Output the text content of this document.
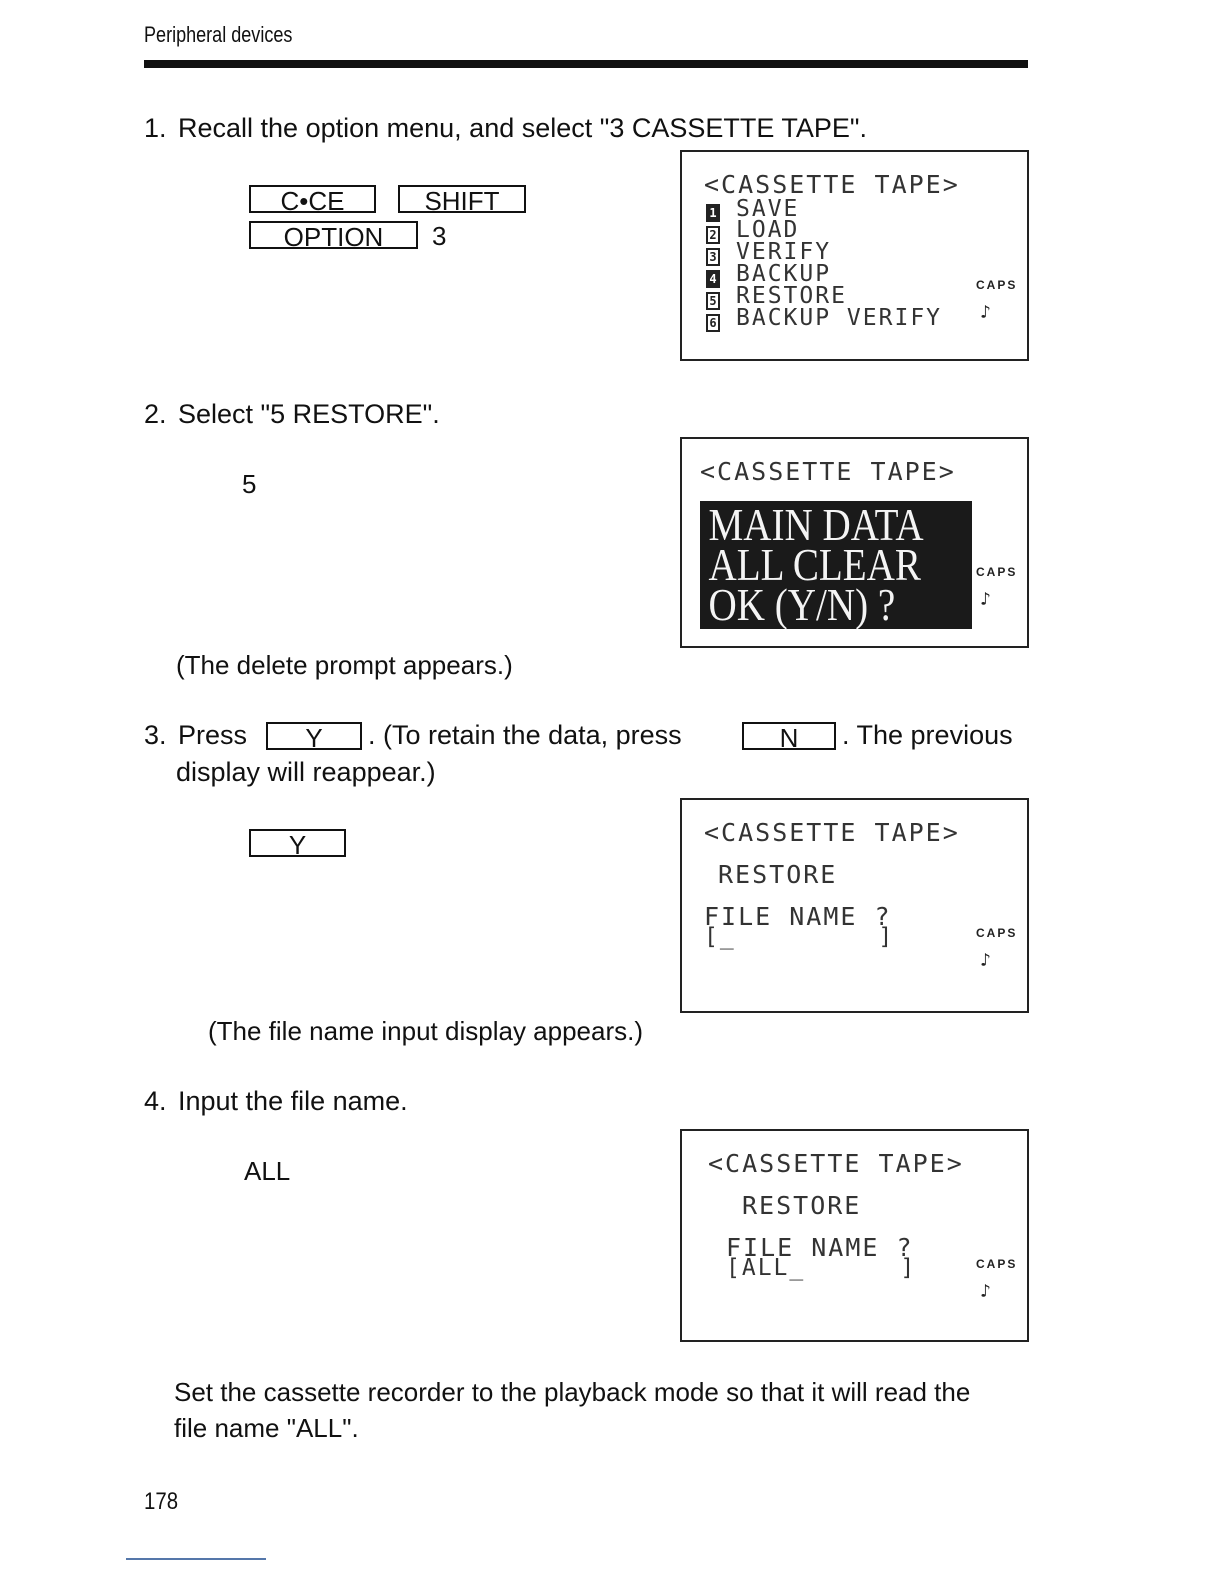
Peripheral devices
1. Recall the option menu, and select "3 CASSETTE TAPE".
C•CE	SHIFT
OPTION	3
<CASSETTE TAPE>
1 SAVE
2 LOAD
3 VERIFY
4 BACKUP
5 RESTORE
6 BACKUP VERIFY
CAPS
♪
2. Select "5 RESTORE".
5
(The delete prompt appears.)
<CASSETTE TAPE>
MAIN DATA
ALL CLEAR
OK (Y/N) ?
CAPS
♪
3. Press	Y	. (To retain the data, press	N	. The previous
display will reappear.)
Y
(The file name input display appears.)
<CASSETTE TAPE>
RESTORE
FILE NAME ?
[_         ]	CAPS
♪
4. Input the file name.
ALL	<CASSETTE TAPE>
RESTORE
FILE NAME ?
[ALL_      ]	CAPS
♪
Set the cassette recorder to the playback mode so that it will read the
file name "ALL".
178
